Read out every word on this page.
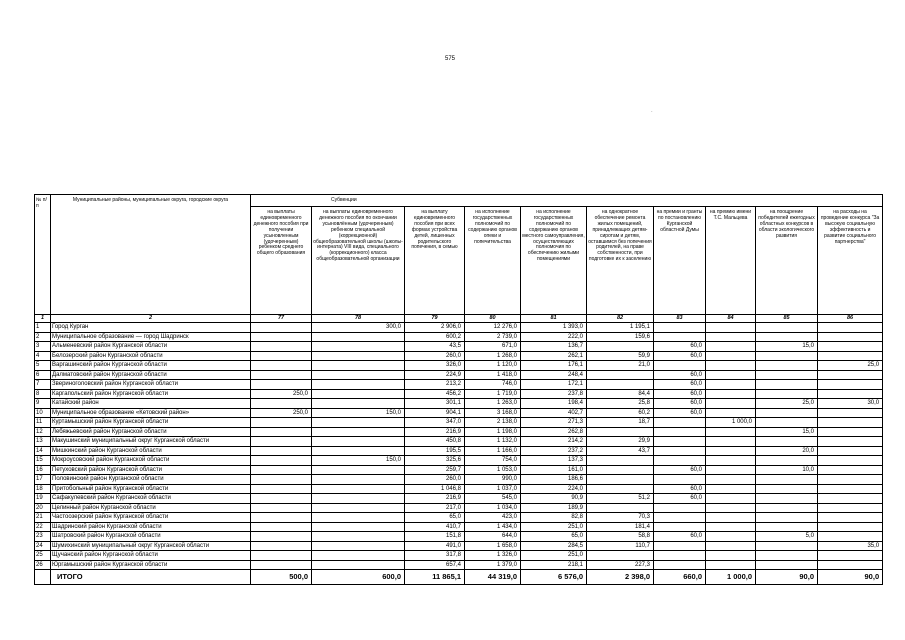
575
.
№ п/п	Муниципальные районы, муниципальные округа, городские округа	Субвенции									
		на выплаты единовременного денежного пособия при получении усыновленным (удочеренным) ребенком среднего общего образования	на выплаты единовременного денежного пособия по окончании усыновлённым (удочеренным) ребенком специальной (коррекционной) общеобразовательной школы (школы-интерната) VIII вида, специального (коррекционного) класса общеобразовательной организации	на выплату единовременного пособия при всех формах устройства детей, лишенных родительского попечения, в семью	на исполнение государственных полномочий по содержанию органов опеки и попечительства	на исполнение государственных полномочий по содержанию органов местного самоуправления, осуществляющих полномочия по обеспечению жилыми помещениями	на однократное обеспечение ремонта жилых помещений, принадлежащих детям-сиротам и детям, оставшимся без попечения родителей, на праве собственности, при подготовке их к заселению	на премии и гранты по постановлению Курганской областной Думы	на премию имени Т.С. Мальцева	на поощрение победителей ежегодных областных конкурсов в области экологического развития	на расходы на проведение конкурса "За высокую социальную эффективность и развитие социального партнерства"
1	2	77	78	79	80	81	82	83	84	85	86
1	Город Курган		300,0	2 906,0	12 276,0	1 393,0	1 195,1				
2	Муниципальное образование — город Шадринск			600,2	2 739,0	222,0	159,6				
3	Альменевский район Курганской области			43,5	671,0	136,7		60,0		15,0	
4	Белозерский район Курганской области			260,0	1 268,0	262,1	59,9	60,0			
5	Варгашинский район Курганской области			326,0	1 120,0	176,1	21,0				25,0
6	Далматовский район Курганской области			224,9	1 418,0	248,4		60,0			
7	Звериноголовский район Курганской области			213,2	746,0	172,1		60,0			
8	Каргапольский район Курганской области	250,0		456,2	1 719,0	237,8	84,4	60,0			
9	Катайский район			301,1	1 263,0	198,4	25,8	60,0		25,0	30,0
10	Муниципальное образование «Кетовский район»	250,0	150,0	904,1	3 168,0	402,7	60,2	60,0			
11	Куртамышский район Курганской области			347,0	2 138,0	271,3	18,7		1 000,0		
12	Лебяжьевский район Курганской области			216,9	1 198,0	262,8				15,0	
13	Макушинский муниципальный округ Курганской области			450,8	1 132,0	214,2	29,9				
14	Мишкинский район Курганской области			195,5	1 166,0	237,2	43,7			20,0	
15	Мокроусовский район Курганской области		150,0	325,6	754,0	137,3					
16	Петуховский район Курганской области			259,7	1 053,0	161,0		60,0		10,0	
17	Половинский район Курганской области			260,0	990,0	186,6					
18	Притобольный район Курганской области			1 046,8	1 037,0	224,0		60,0			
19	Сафакулевский район Курганской области			216,9	545,0	90,9	51,2	60,0			
20	Целинный район Курганской области			217,0	1 034,0	189,9					
21	Частоозерский район Курганской области			65,0	423,0	82,8	70,3				
22	Шадринский район Курганской области			410,7	1 434,0	251,0	181,4				
23	Шатровский район Курганской области			151,8	644,0	65,0	58,8	60,0		5,0	
24	Шумихинский муниципальный округ Курганской области			491,0	1 658,0	284,5	110,7				35,0
25	Щучанский район Курганской области			317,8	1 326,0	251,0					
26	Юргамышский район Курганской области			657,4	1 379,0	218,1	227,3				
	ИТОГО	500,0	600,0	11 865,1	44 319,0	6 576,0	2 398,0	660,0	1 000,0	90,0	90,0
